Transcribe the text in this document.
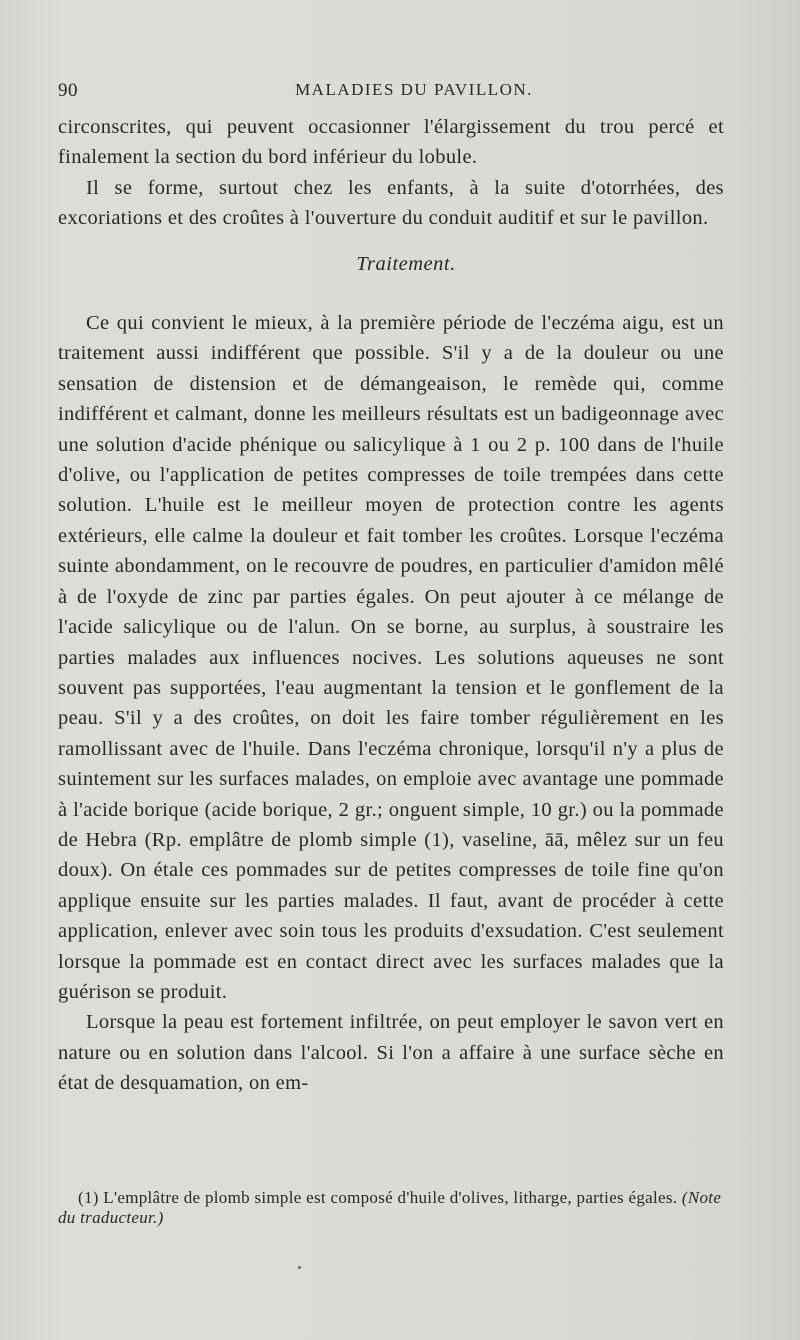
90	MALADIES DU PAVILLON.

circonscrites, qui peuvent occasionner l'élargissement du trou percé et finalement la section du bord inférieur du lobule.

Il se forme, surtout chez les enfants, à la suite d'otorrhées, des excoriations et des croûtes à l'ouverture du conduit auditif et sur le pavillon.

Traitement.

Ce qui convient le mieux, à la première période de l'eczéma aigu, est un traitement aussi indifférent que possible. S'il y a de la douleur ou une sensation de distension et de démangeaison, le remède qui, comme indifférent et calmant, donne les meilleurs résultats est un badigeonnage avec une solution d'acide phénique ou salicylique à 1 ou 2 p. 100 dans de l'huile d'olive, ou l'application de petites compresses de toile trempées dans cette solution. L'huile est le meilleur moyen de protection contre les agents extérieurs, elle calme la douleur et fait tomber les croûtes. Lorsque l'eczéma suinte abondamment, on le recouvre de poudres, en particulier d'amidon mêlé à de l'oxyde de zinc par parties égales. On peut ajouter à ce mélange de l'acide salicylique ou de l'alun. On se borne, au surplus, à soustraire les parties malades aux influences nocives. Les solutions aqueuses ne sont souvent pas supportées, l'eau augmentant la tension et le gonflement de la peau. S'il y a des croûtes, on doit les faire tomber régulièrement en les ramollissant avec de l'huile. Dans l'eczéma chronique, lorsqu'il n'y a plus de suintement sur les surfaces malades, on emploie avec avantage une pommade à l'acide borique (acide borique, 2 gr.; onguent simple, 10 gr.) ou la pommade de Hebra (Rp. emplâtre de plomb simple (1), vaseline, āā, mêlez sur un feu doux). On étale ces pommades sur de petites compresses de toile fine qu'on applique ensuite sur les parties malades. Il faut, avant de procéder à cette application, enlever avec soin tous les produits d'exsudation. C'est seulement lorsque la pommade est en contact direct avec les surfaces malades que la guérison se produit.

Lorsque la peau est fortement infiltrée, on peut employer le savon vert en nature ou en solution dans l'alcool. Si l'on a affaire à une surface sèche en état de desquamation, on em-

(1) L'emplâtre de plomb simple est composé d'huile d'olives, litharge, parties égales. (Note du traducteur.)
